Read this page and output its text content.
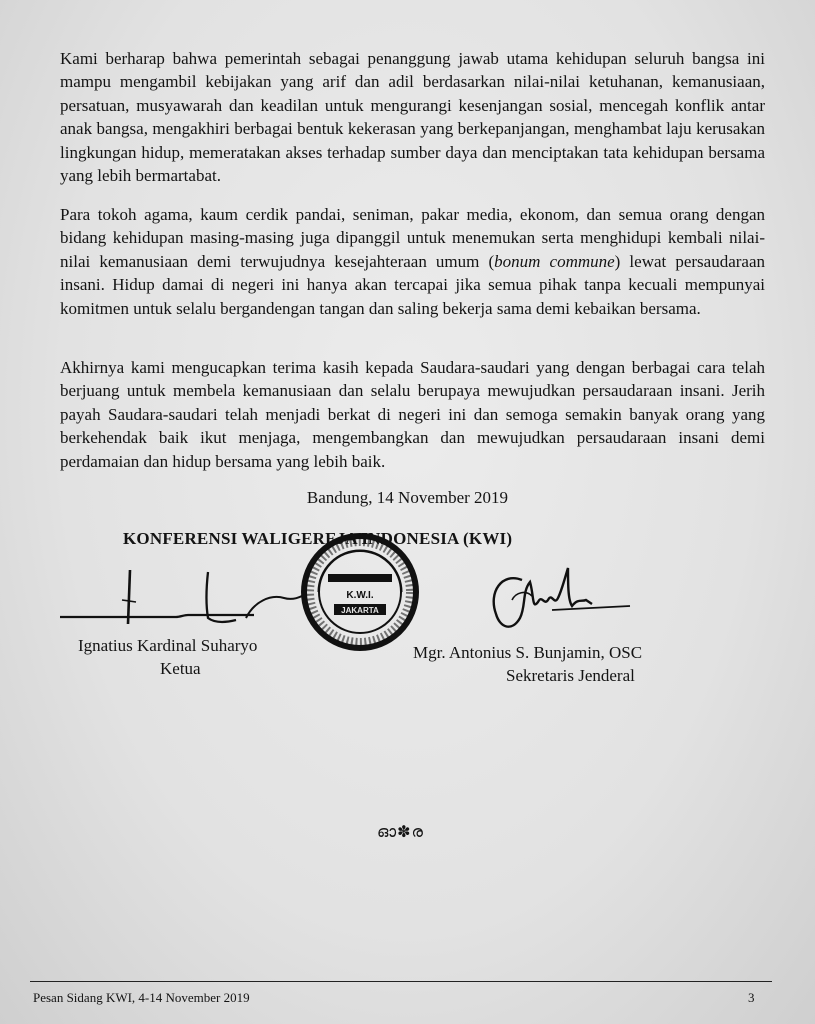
Kami berharap bahwa pemerintah sebagai penanggung jawab utama kehidupan seluruh bangsa ini mampu mengambil kebijakan yang arif dan adil berdasarkan nilai-nilai ketuhanan, kemanusiaan, persatuan, musyawarah dan keadilan untuk mengurangi kesenjangan sosial, mencegah konflik antar anak bangsa, mengakhiri berbagai bentuk kekerasan yang berkepanjangan, menghambat laju kerusakan lingkungan hidup, memeratakan akses terhadap sumber daya dan menciptakan tata kehidupan bersama yang lebih bermartabat.

Para tokoh agama, kaum cerdik pandai, seniman, pakar media, ekonom, dan semua orang dengan bidang kehidupan masing-masing juga dipanggil untuk menemukan serta menghidupi kembali nilai-nilai kemanusiaan demi terwujudnya kesejahteraan umum (bonum commune) lewat persaudaraan insani. Hidup damai di negeri ini hanya akan tercapai jika semua pihak tanpa kecuali mempunyai komitmen untuk selalu bergandengan tangan dan saling bekerja sama demi kebaikan bersama.

Akhirnya kami mengucapkan terima kasih kepada Saudara-saudari yang dengan berbagai cara telah berjuang untuk membela kemanusiaan dan selalu berupaya mewujudkan persaudaraan insani. Jerih payah Saudara-saudari telah menjadi berkat di negeri ini dan semoga semakin banyak orang yang berkehendak baik ikut menjaga, mengembangkan dan mewujudkan persaudaraan insani demi perdamaian dan hidup bersama yang lebih baik.

Bandung, 14 November 2019
KONFERENSI WALIGEREJA INDONESIA (KWI)
K.W.I.
JAKARTA
Ignatius Kardinal Suharyo
Ketua
Mgr. Antonius S. Bunjamin, OSC
Sekretaris Jenderal
ഓ✽ര
Pesan Sidang KWI, 4-14 November 2019	3
